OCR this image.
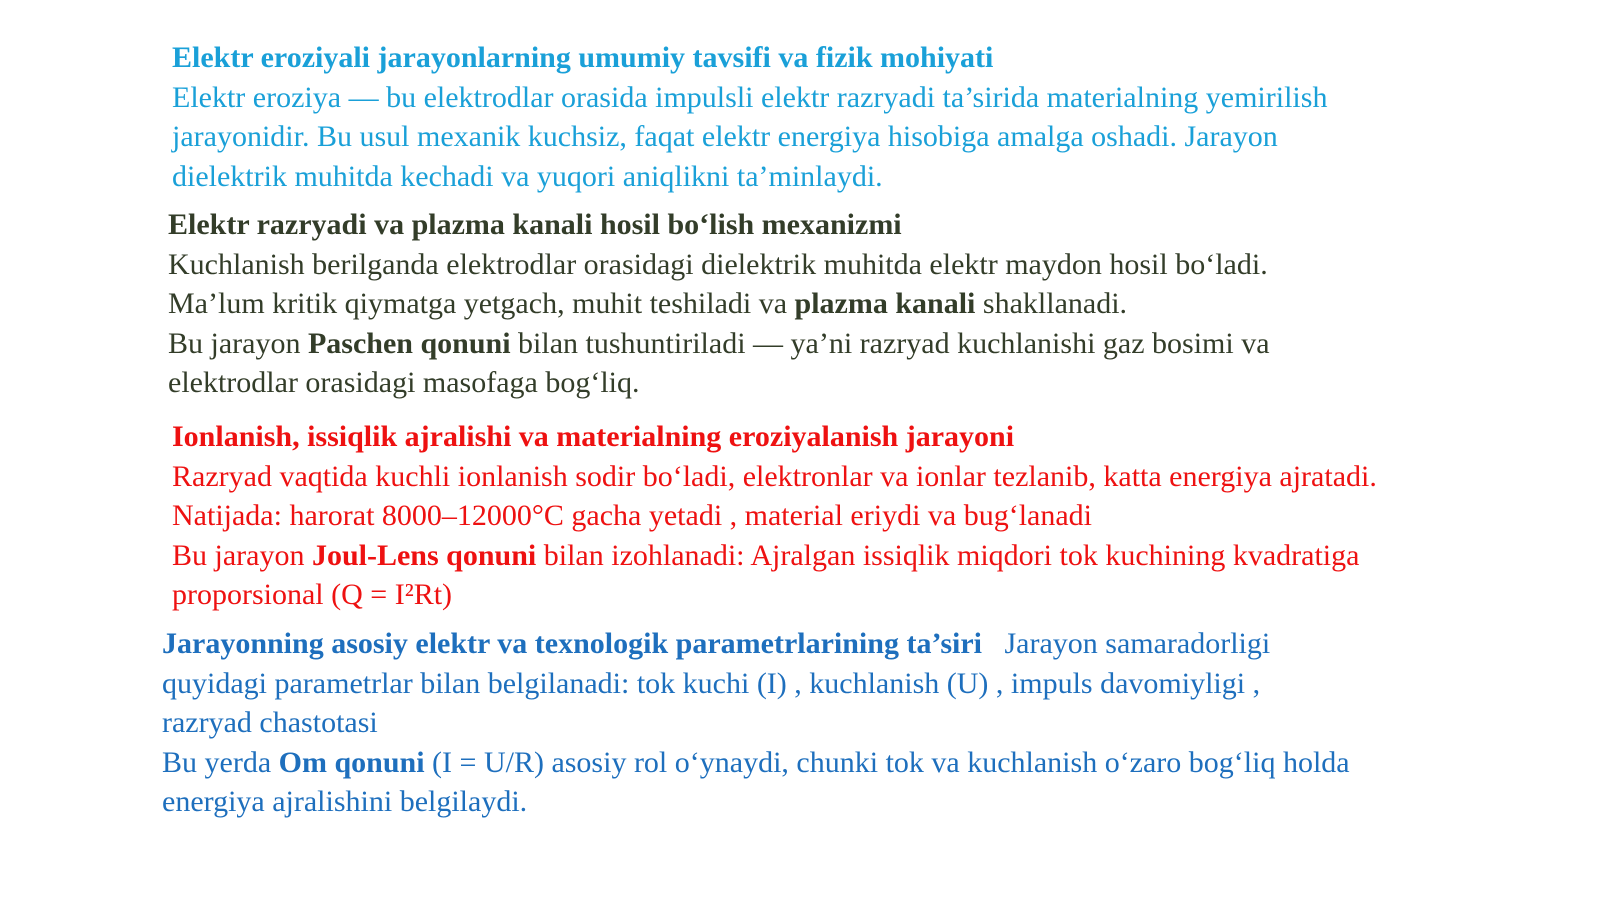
Elektr eroziyali jarayonlarning umumiy tavsifi va fizik mohiyati

Elektr eroziya — bu elektrodlar orasida impulsli elektr razryadi ta’sirida materialning yemirilish

jarayonidir. Bu usul mexanik kuchsiz, faqat elektr energiya hisobiga amalga oshadi. Jarayon

dielektrik muhitda kechadi va yuqori aniqlikni ta’minlaydi.

Elektr razryadi va plazma kanali hosil bo‘lish mexanizmi

Kuchlanish berilganda elektrodlar orasidagi dielektrik muhitda elektr maydon hosil bo‘ladi.

Ma’lum kritik qiymatga yetgach, muhit teshiladi va plazma kanali shakllanadi.

Bu jarayon Paschen qonuni bilan tushuntiriladi — ya’ni razryad kuchlanishi gaz bosimi va

elektrodlar orasidagi masofaga bog‘liq.

Ionlanish, issiqlik ajralishi va materialning eroziyalanish jarayoni

Razryad vaqtida kuchli ionlanish sodir bo‘ladi, elektronlar va ionlar tezlanib, katta energiya ajratadi.

Natijada: harorat 8000–12000°C gacha yetadi , material eriydi va bug‘lanadi

Bu jarayon Joul-Lens qonuni bilan izohlanadi: Ajralgan issiqlik miqdori tok kuchining kvadratiga

proporsional (Q = I²Rt)

Jarayonning asosiy elektr va texnologik parametrlarining ta’siri   Jarayon samaradorligi

quyidagi parametrlar bilan belgilanadi: tok kuchi (I) , kuchlanish (U) , impuls davomiyligi ,

razryad chastotasi

Bu yerda Om qonuni (I = U/R) asosiy rol o‘ynaydi, chunki tok va kuchlanish o‘zaro bog‘liq holda

energiya ajralishini belgilaydi.
